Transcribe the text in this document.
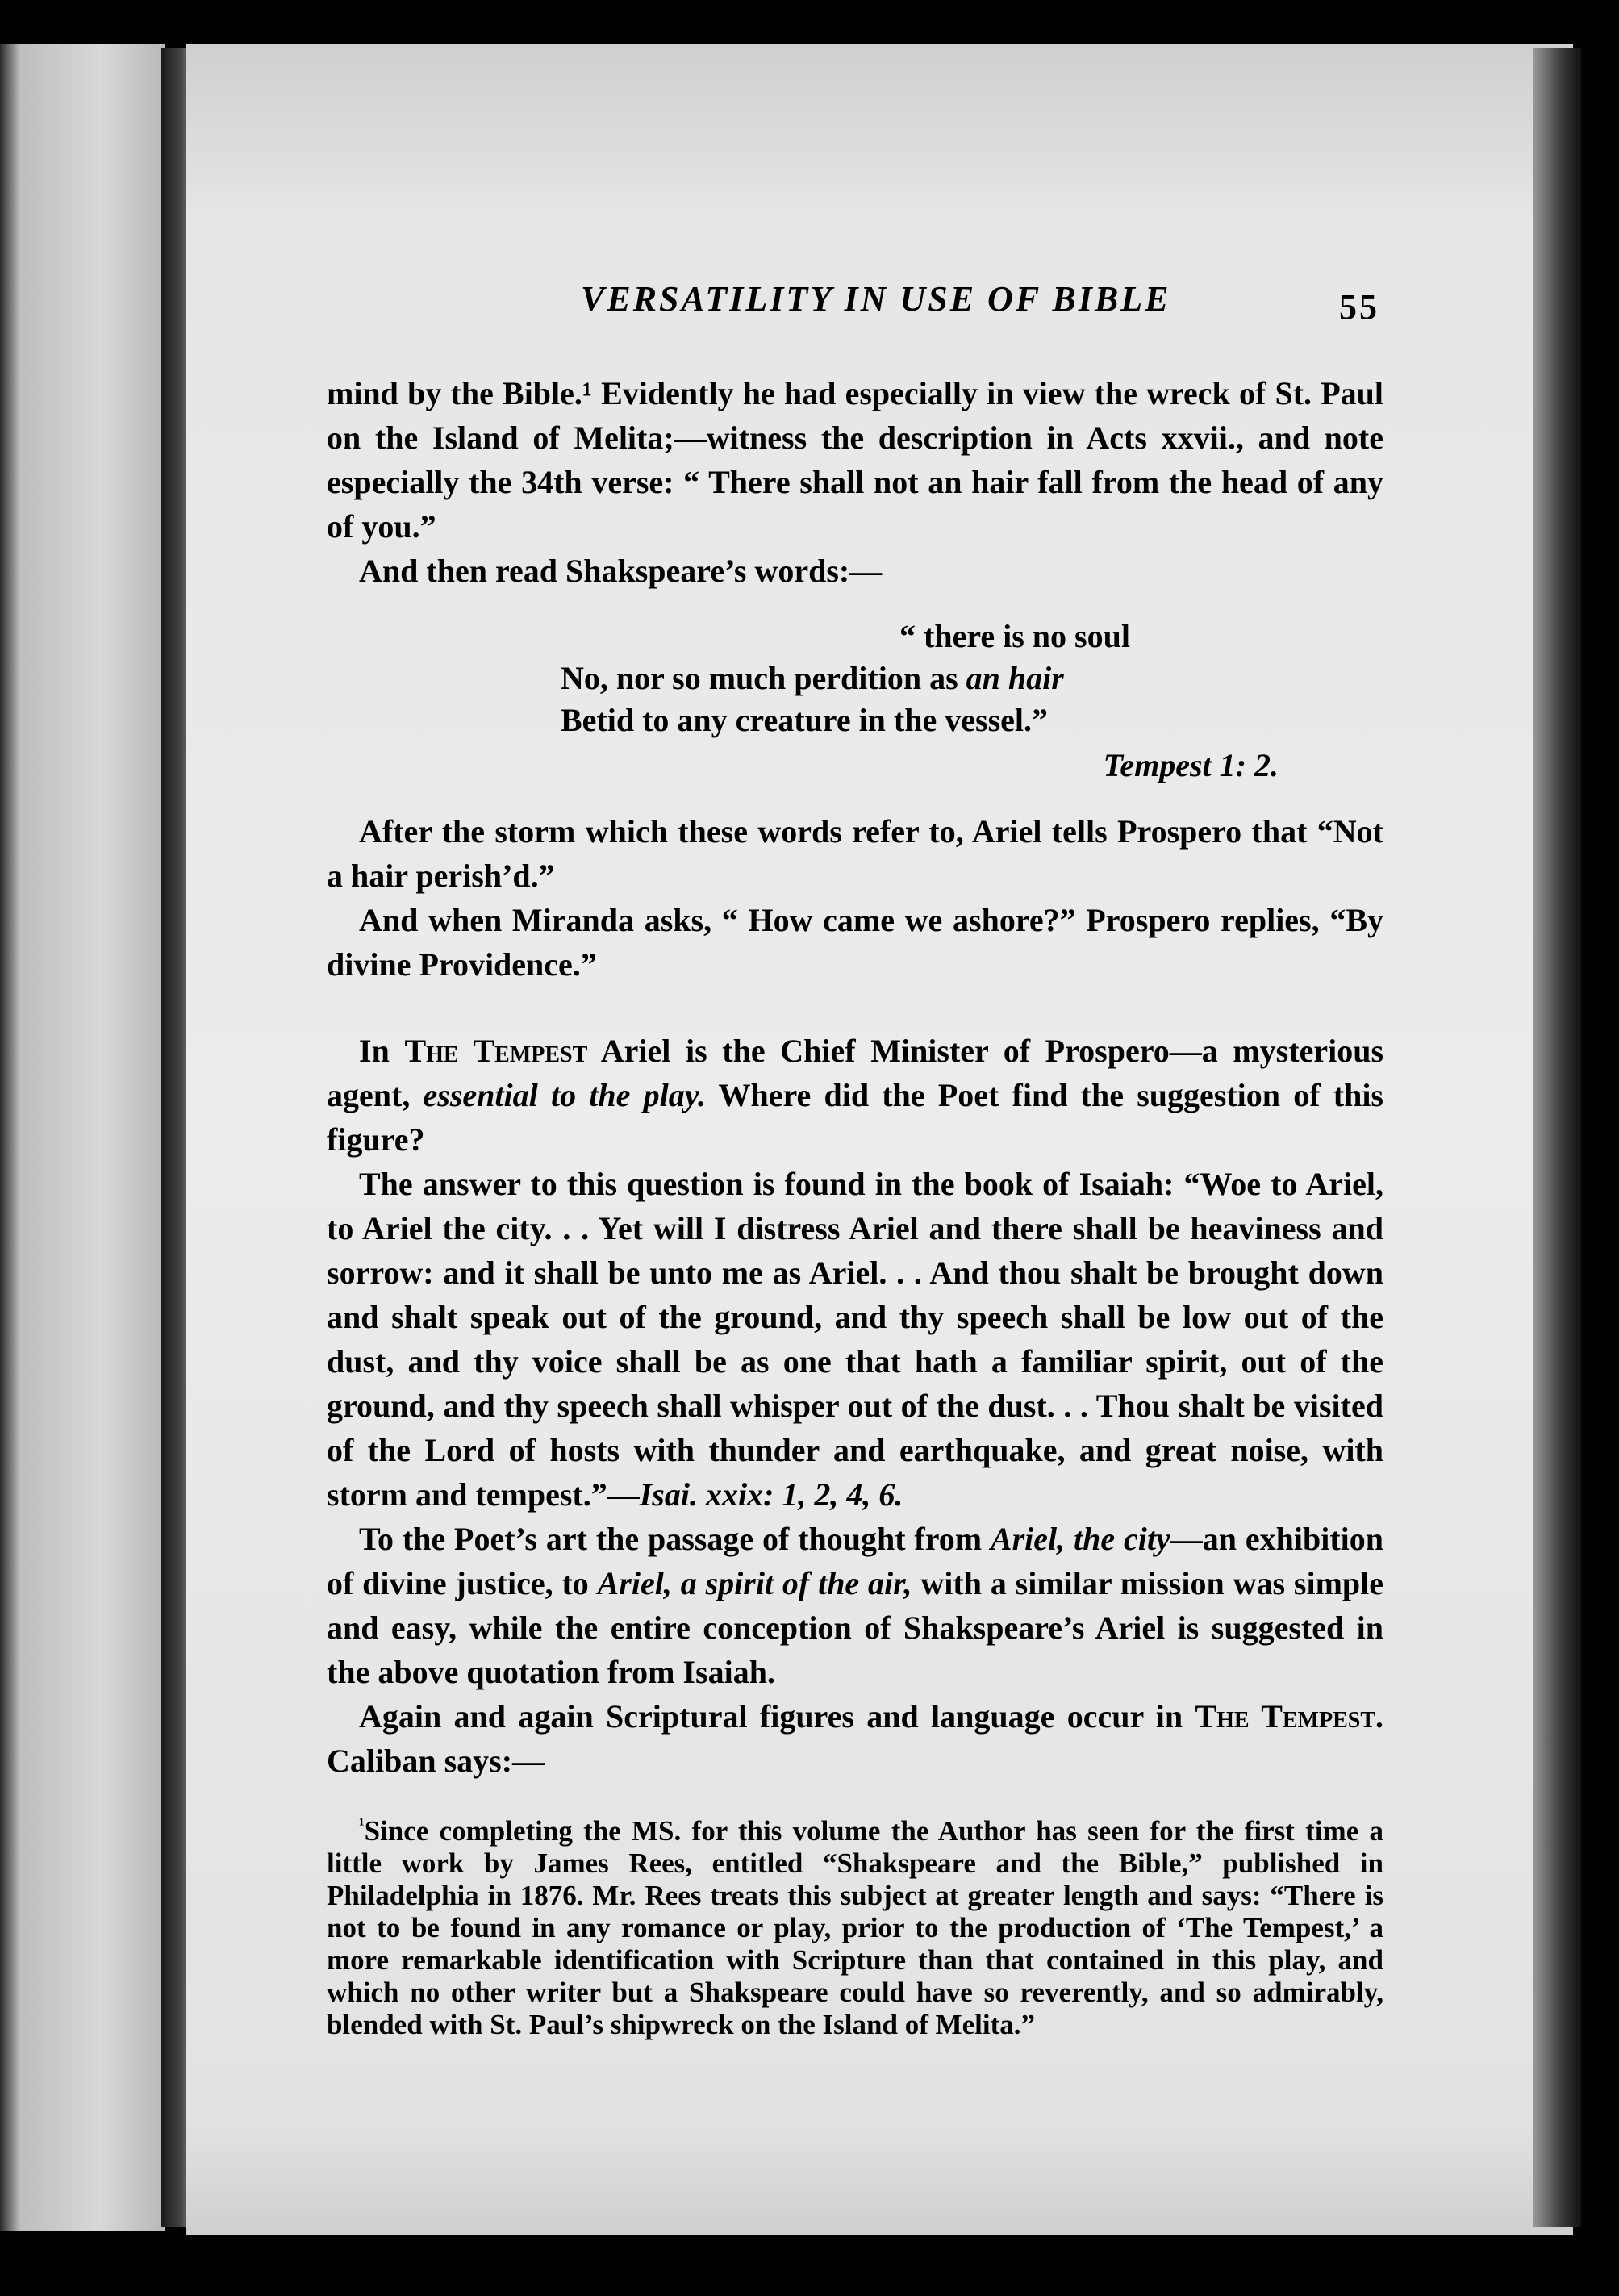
VERSATILITY IN USE OF BIBLE	55

mind by the Bible.¹ Evidently he had especially in view the wreck of St. Paul on the Island of Melita;—witness the description in Acts xxvii., and note especially the 34th verse: “ There shall not an hair fall from the head of any of you.”

And then read Shakspeare’s words:—

“ there is no soul
No, nor so much perdition as an hair
Betid to any creature in the vessel.”
Tempest 1: 2.

After the storm which these words refer to, Ariel tells Prospero that “Not a hair perish’d.”

And when Miranda asks, “ How came we ashore?” Prospero replies, “By divine Providence.”

In The Tempest Ariel is the Chief Minister of Prospero—a mysterious agent, essential to the play. Where did the Poet find the suggestion of this figure?

The answer to this question is found in the book of Isaiah: “Woe to Ariel, to Ariel the city. . . Yet will I distress Ariel and there shall be heaviness and sorrow: and it shall be unto me as Ariel. . . And thou shalt be brought down and shalt speak out of the ground, and thy speech shall be low out of the dust, and thy voice shall be as one that hath a familiar spirit, out of the ground, and thy speech shall whisper out of the dust. . . Thou shalt be visited of the Lord of hosts with thunder and earthquake, and great noise, with storm and tempest.”—Isai. xxix: 1, 2, 4, 6.

To the Poet’s art the passage of thought from Ariel, the city—an exhibition of divine justice, to Ariel, a spirit of the air, with a similar mission was simple and easy, while the entire conception of Shakspeare’s Ariel is suggested in the above quotation from Isaiah.

Again and again Scriptural figures and language occur in The Tempest. Caliban says:—

$^{^1}$Since completing the MS. for this volume the Author has seen for the first time a little work by James Rees, entitled “Shakspeare and the Bible,” published in Philadelphia in 1876. Mr. Rees treats this subject at greater length and says: “There is not to be found in any romance or play, prior to the production of ‘The Tempest,’ a more remarkable identification with Scripture than that contained in this play, and which no other writer but a Shakspeare could have so reverently, and so admirably, blended with St. Paul’s shipwreck on the Island of Melita.”
